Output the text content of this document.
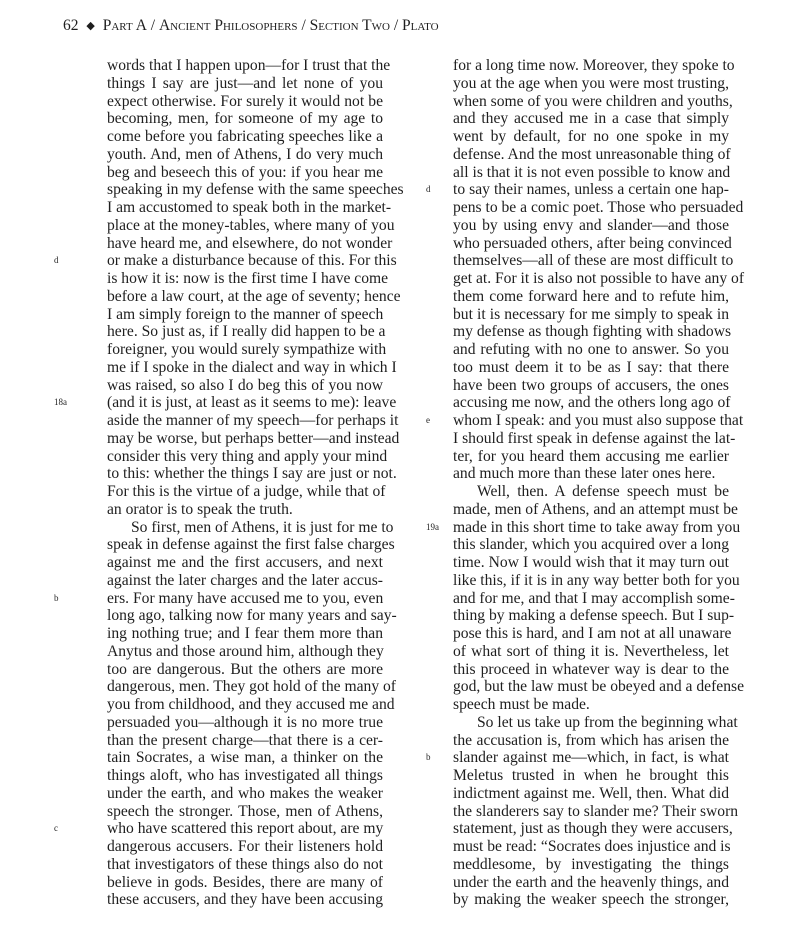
62 ◆ Part A / Ancient Philosophers / Section Two / Plato
words that I happen upon—for I trust that the
things I say are just—and let none of you
expect otherwise. For surely it would not be
becoming, men, for someone of my age to
come before you fabricating speeches like a
youth. And, men of Athens, I do very much
beg and beseech this of you: if you hear me
speaking in my defense with the same speeches
I am accustomed to speak both in the market-
place at the money-tables, where many of you
have heard me, and elsewhere, do not wonder
or make a disturbance because of this. For this
d
is how it is: now is the first time I have come
before a law court, at the age of seventy; hence
I am simply foreign to the manner of speech
here. So just as, if I really did happen to be a
foreigner, you would surely sympathize with
me if I spoke in the dialect and way in which I
was raised, so also I do beg this of you now
(and it is just, at least as it seems to me): leave
18a
aside the manner of my speech—for perhaps it
may be worse, but perhaps better—and instead
consider this very thing and apply your mind
to this: whether the things I say are just or not.
For this is the virtue of a judge, while that of
an orator is to speak the truth.
So first, men of Athens, it is just for me to
speak in defense against the first false charges
against me and the first accusers, and next
against the later charges and the later accus-
ers. For many have accused me to you, even
b
long ago, talking now for many years and say-
ing nothing true; and I fear them more than
Anytus and those around him, although they
too are dangerous. But the others are more
dangerous, men. They got hold of the many of
you from childhood, and they accused me and
persuaded you—although it is no more true
than the present charge—that there is a cer-
tain Socrates, a wise man, a thinker on the
things aloft, who has investigated all things
under the earth, and who makes the weaker
speech the stronger. Those, men of Athens,
who have scattered this report about, are my
c
dangerous accusers. For their listeners hold
that investigators of these things also do not
believe in gods. Besides, there are many of
these accusers, and they have been accusing
for a long time now. Moreover, they spoke to
you at the age when you were most trusting,
when some of you were children and youths,
and they accused me in a case that simply
went by default, for no one spoke in my
defense. And the most unreasonable thing of
all is that it is not even possible to know and
to say their names, unless a certain one hap-
d
pens to be a comic poet. Those who persuaded
you by using envy and slander—and those
who persuaded others, after being convinced
themselves—all of these are most difficult to
get at. For it is also not possible to have any of
them come forward here and to refute him,
but it is necessary for me simply to speak in
my defense as though fighting with shadows
and refuting with no one to answer. So you
too must deem it to be as I say: that there
have been two groups of accusers, the ones
accusing me now, and the others long ago of
whom I speak: and you must also suppose that
e
I should first speak in defense against the lat-
ter, for you heard them accusing me earlier
and much more than these later ones here.
Well, then. A defense speech must be
made, men of Athens, and an attempt must be
made in this short time to take away from you
19a
this slander, which you acquired over a long
time. Now I would wish that it may turn out
like this, if it is in any way better both for you
and for me, and that I may accomplish some-
thing by making a defense speech. But I sup-
pose this is hard, and I am not at all unaware
of what sort of thing it is. Nevertheless, let
this proceed in whatever way is dear to the
god, but the law must be obeyed and a defense
speech must be made.
So let us take up from the beginning what
the accusation is, from which has arisen the
slander against me—which, in fact, is what
b
Meletus trusted in when he brought this
indictment against me. Well, then. What did
the slanderers say to slander me? Their sworn
statement, just as though they were accusers,
must be read: “Socrates does injustice and is
meddlesome, by investigating the things
under the earth and the heavenly things, and
by making the weaker speech the stronger,
